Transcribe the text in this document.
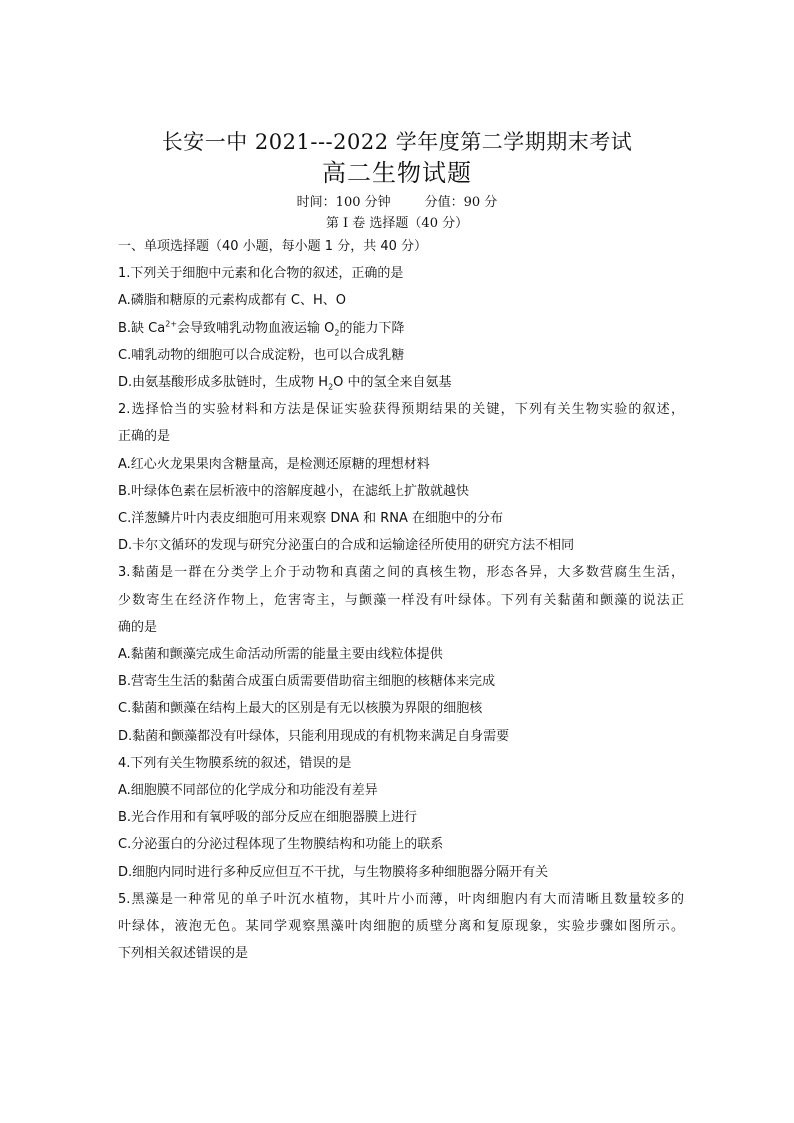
长安一中 2021---2022 学年度第二学期期末考试
高二生物试题
时间：100 分钟	分值：90 分
第 I 卷 选择题（40 分）
一、单项选择题（40 小题，每小题 1 分，共 40 分）
1.下列关于细胞中元素和化合物的叙述，正确的是
A.磷脂和糖原的元素构成都有 C、H、O
B.缺 $Ca^{2+}$会导致哺乳动物血液运输 $O_2$的能力下降
C.哺乳动物的细胞可以合成淀粉，也可以合成乳糖
D.由氨基酸形成多肽链时，生成物 $H_2O$ 中的氢全来自氨基
2.选择恰当的实验材料和方法是保证实验获得预期结果的关键，下列有关生物实验的叙述，
正确的是
A.红心火龙果果肉含糖量高，是检测还原糖的理想材料
B.叶绿体色素在层析液中的溶解度越小，在滤纸上扩散就越快
C.洋葱鳞片叶内表皮细胞可用来观察 DNA 和 RNA 在细胞中的分布
D.卡尔文循环的发现与研究分泌蛋白的合成和运输途径所使用的研究方法不相同
3.黏菌是一群在分类学上介于动物和真菌之间的真核生物，形态各异，大多数营腐生生活，
少数寄生在经济作物上，危害寄主，与颤藻一样没有叶绿体。下列有关黏菌和颤藻的说法正
确的是
A.黏菌和颤藻完成生命活动所需的能量主要由线粒体提供
B.营寄生生活的黏菌合成蛋白质需要借助宿主细胞的核糖体来完成
C.黏菌和颤藻在结构上最大的区别是有无以核膜为界限的细胞核
D.黏菌和颤藻都没有叶绿体，只能利用现成的有机物来满足自身需要
4.下列有关生物膜系统的叙述，错误的是
A.细胞膜不同部位的化学成分和功能没有差异
B.光合作用和有氧呼吸的部分反应在细胞器膜上进行
C.分泌蛋白的分泌过程体现了生物膜结构和功能上的联系
D.细胞内同时进行多种反应但互不干扰，与生物膜将多种细胞器分隔开有关
5.黑藻是一种常见的单子叶沉水植物，其叶片小而薄，叶肉细胞内有大而清晰且数量较多的
叶绿体，液泡无色。某同学观察黑藻叶肉细胞的质壁分离和复原现象，实验步骤如图所示。
下列相关叙述错误的是
